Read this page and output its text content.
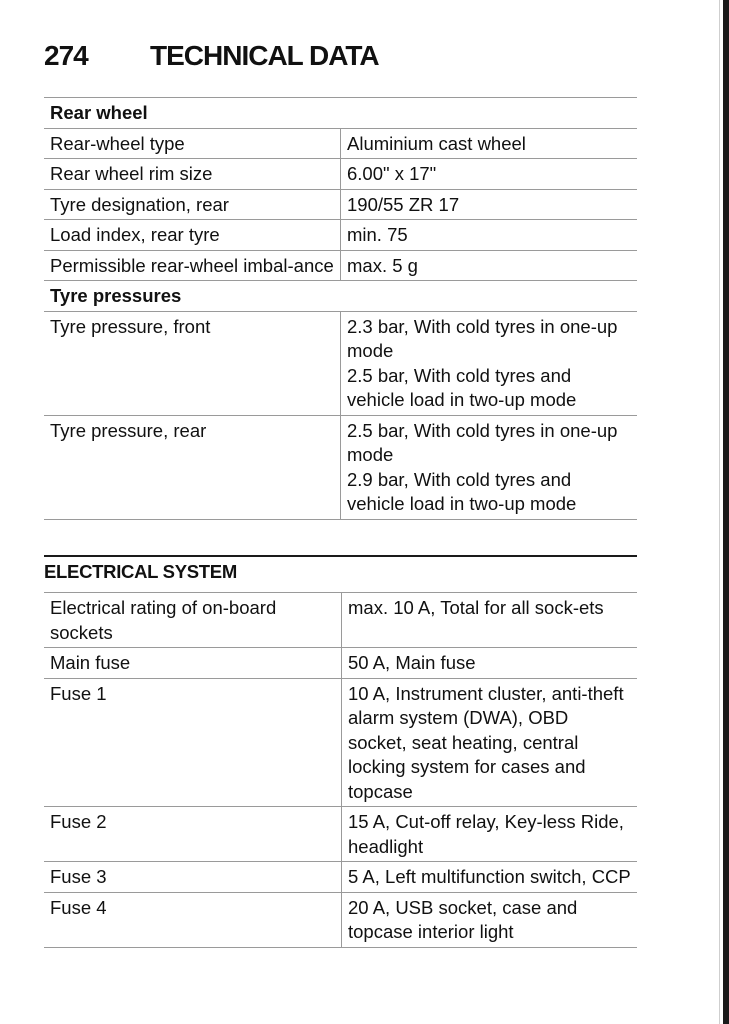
274 TECHNICAL DATA
Rear wheel	
Rear-wheel type	Aluminium cast wheel
Rear wheel rim size	6.00" x 17"
Tyre designation, rear	190/55 ZR 17
Load index, rear tyre	min. 75
Permissible rear-wheel imbal-ance	max. 5 g
Tyre pressures	
Tyre pressure, front	2.3 bar, With cold tyres in one-up mode
2.5 bar, With cold tyres and vehicle load in two-up mode

Tyre pressure, rear	2.5 bar, With cold tyres in one-up mode
2.9 bar, With cold tyres and vehicle load in two-up mode
ELECTRICAL SYSTEM
Electrical rating of on-board sockets	max. 10 A, Total for all sock-ets
Main fuse	50 A, Main fuse
Fuse 1	10 A, Instrument cluster, anti-theft alarm system (DWA), OBD socket, seat heating, central locking system for cases and topcase
Fuse 2	15 A, Cut-off relay, Key-less Ride, headlight
Fuse 3	5 A, Left multifunction switch, CCP
Fuse 4	20 A, USB socket, case and topcase interior light
